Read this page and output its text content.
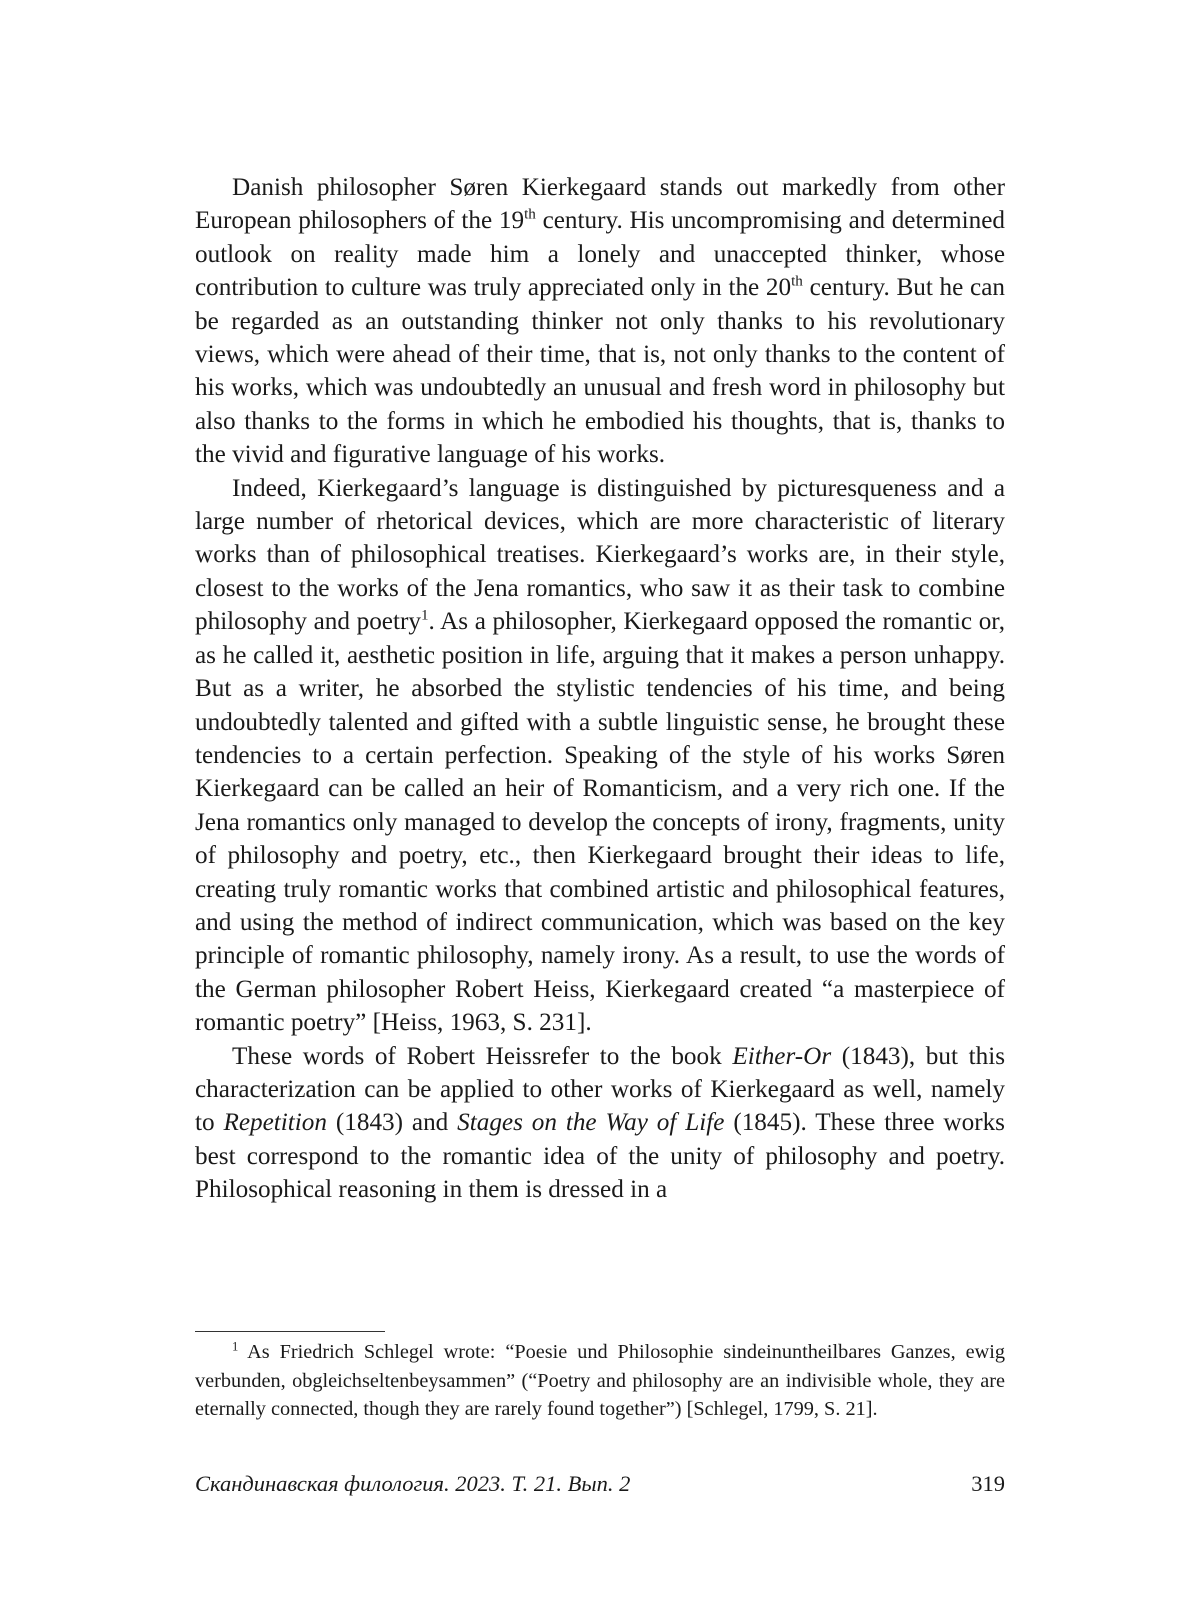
Danish philosopher Søren Kierkegaard stands out markedly from other European philosophers of the 19th century. His uncompromising and determined outlook on reality made him a lonely and unaccepted thinker, whose contribution to culture was truly appreciated only in the 20th century. But he can be regarded as an outstanding thinker not only thanks to his revolutionary views, which were ahead of their time, that is, not only thanks to the content of his works, which was undoubtedly an unusual and fresh word in philosophy but also thanks to the forms in which he embodied his thoughts, that is, thanks to the vivid and figurative language of his works.

Indeed, Kierkegaard’s language is distinguished by picturesqueness and a large number of rhetorical devices, which are more characteristic of literary works than of philosophical treatises. Kierkegaard’s works are, in their style, closest to the works of the Jena romantics, who saw it as their task to combine philosophy and poetry$^1$. As a philosopher, Kierkegaard opposed the romantic or, as he called it, aesthetic position in life, arguing that it makes a person unhappy. But as a writer, he absorbed the stylistic tendencies of his time, and being undoubtedly talented and gifted with a subtle linguistic sense, he brought these tendencies to a certain perfection. Speaking of the style of his works Søren Kierkegaard can be called an heir of Romanticism, and a very rich one. If the Jena romantics only managed to develop the concepts of irony, fragments, unity of philosophy and poetry, etc., then Kierkegaard brought their ideas to life, creating truly romantic works that combined artistic and philosophical features, and using the method of indirect communication, which was based on the key principle of romantic philosophy, namely irony. As a result, to use the words of the German philosopher Robert Heiss, Kierkegaard created “a masterpiece of romantic poetry” [Heiss, 1963, S. 231].

These words of Robert Heissrefer to the book Either-Or (1843), but this characterization can be applied to other works of Kierkegaard as well, namely to Repetition (1843) and Stages on the Way of Life (1845). These three works best correspond to the romantic idea of the unity of philosophy and poetry. Philosophical reasoning in them is dressed in a

$^1$ As Friedrich Schlegel wrote: “Poesie und Philosophie sindeinuntheilbares Ganzes, ewig verbunden, obgleichseltenbeysammen” (“Poetry and philosophy are an indivisible whole, they are eternally connected, though they are rarely found together”) [Schlegel, 1799, S. 21].

Скандинавская филология. 2023. Т. 21. Вып. 2	319
